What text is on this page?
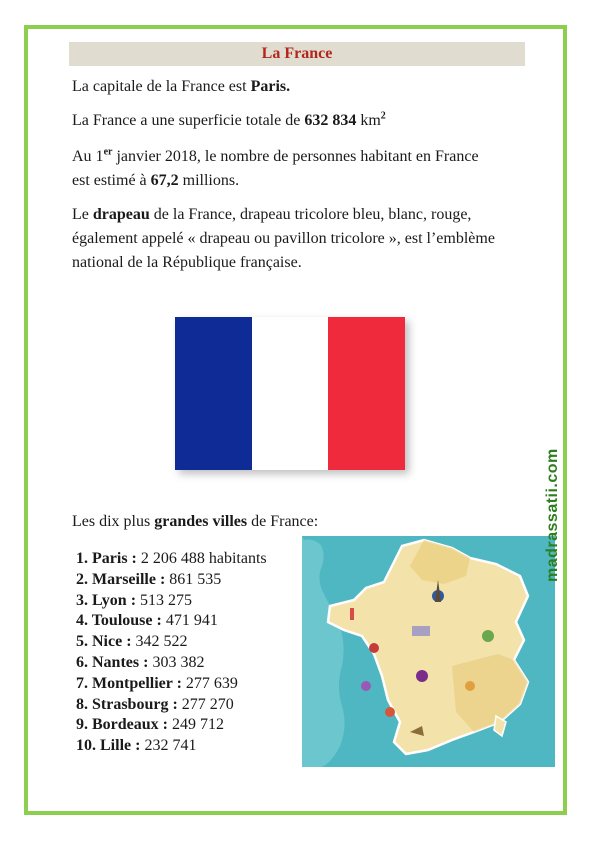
La France

La capitale de la France est Paris.

La France a une superficie totale de 632 834 $km^2$

Au 1er janvier 2018, le nombre de personnes habitant en France est estimé à 67,2 millions.

Le drapeau de la France, drapeau tricolore bleu, blanc, rouge, également appelé « drapeau ou pavillon tricolore », est l’emblème national de la République française.

Les dix plus grandes villes de France:

1. Paris : 2 206 488 habitants
2. Marseille : 861 535
3. Lyon : 513 275
4. Toulouse : 471 941
5. Nice : 342 522
6. Nantes : 303 382
7. Montpellier : 277 639
8. Strasbourg : 277 270
9. Bordeaux : 249 712
10. Lille : 232 741
madrassatii.com
